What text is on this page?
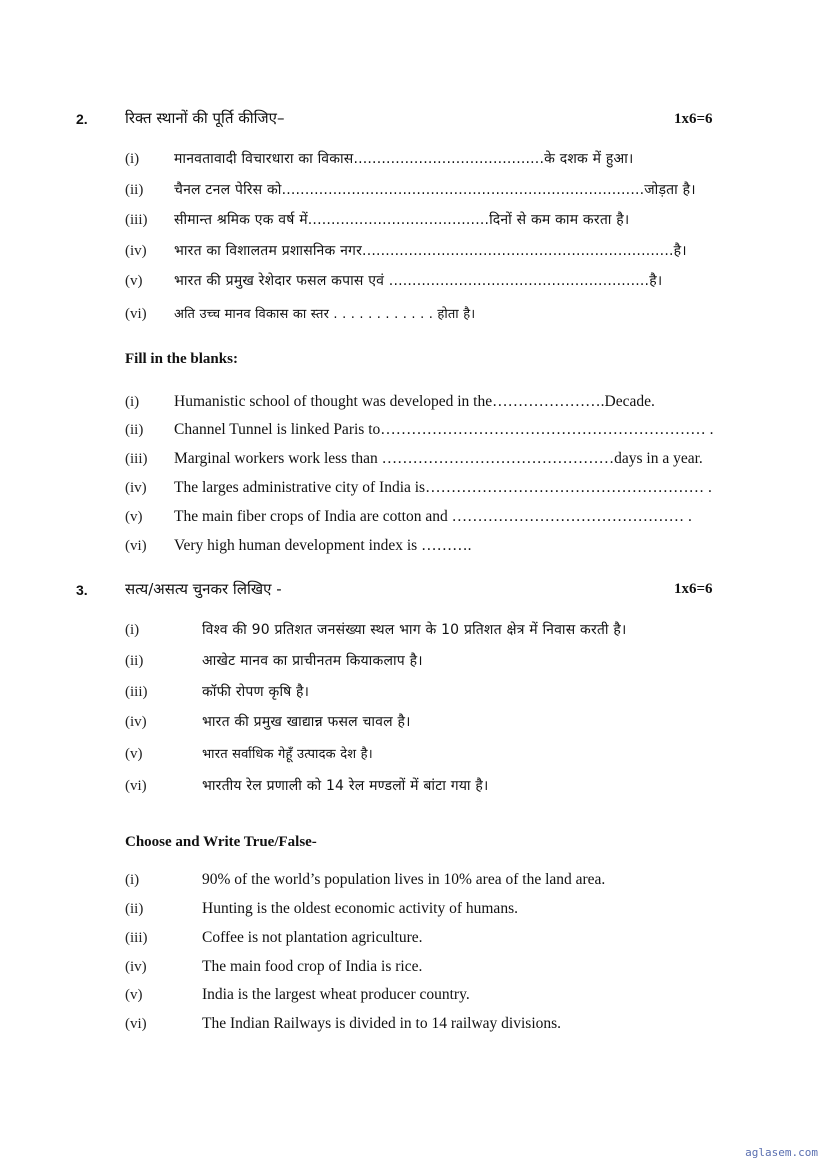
2. रिक्त स्थानों की पूर्ति कीजिए–	1x6=6
(i) मानवतावादी विचारधारा का विकास.........................................के दशक में हुआ।
(ii) चैनल टनल पेरिस को..............................................................................जोड़ता है।
(iii) सीमान्त श्रमिक एक वर्ष में.......................................दिनों से कम काम करता है।
(iv) भारत का विशालतम प्रशासनिक नगर...................................................................है।
(v) भारत की प्रमुख रेशेदार फसल कपास एवं ........................................................है।
(vi) अति उच्च मानव विकास का स्तर . . . . . . . . . . . . होता है।
Fill in the blanks:
(i) Humanistic school of thought was developed in the………………….Decade.
(ii) Channel Tunnel is linked Paris to……………………………………………………… .
(iii) Marginal workers work less than ………………………………………days in a year.
(iv) The larges administrative city of India is……………………………………………… .
(v) The main fiber crops of India are cotton and ……………………………………… .
(vi) Very high human development index is ……….
3. सत्य/असत्य चुनकर लिखिए -	1x6=6
(i)	विश्व की 90 प्रतिशत जनसंख्या स्थल भाग के 10 प्रतिशत क्षेत्र में निवास करती है।
(ii)	आखेट मानव का प्राचीनतम कियाकलाप है।
(iii)	कॉफी रोपण कृषि है।
(iv)	भारत की प्रमुख खाद्यान्न फसल चावल है।
(v)	भारत सर्वाधिक गेहूँ उत्पादक देश है।
(vi)	भारतीय रेल प्रणाली को 14 रेल मण्डलों में बांटा गया है।
Choose and Write True/False-
(i)	90% of the world’s population lives in 10% area of the land area.
(ii)	Hunting is the oldest economic activity of humans.
(iii)	Coffee is not plantation agriculture.
(iv)	The main food crop of India is rice.
(v)	India is the largest wheat producer country.
(vi)	The Indian Railways is divided in to 14 railway divisions.
aglasem.com
